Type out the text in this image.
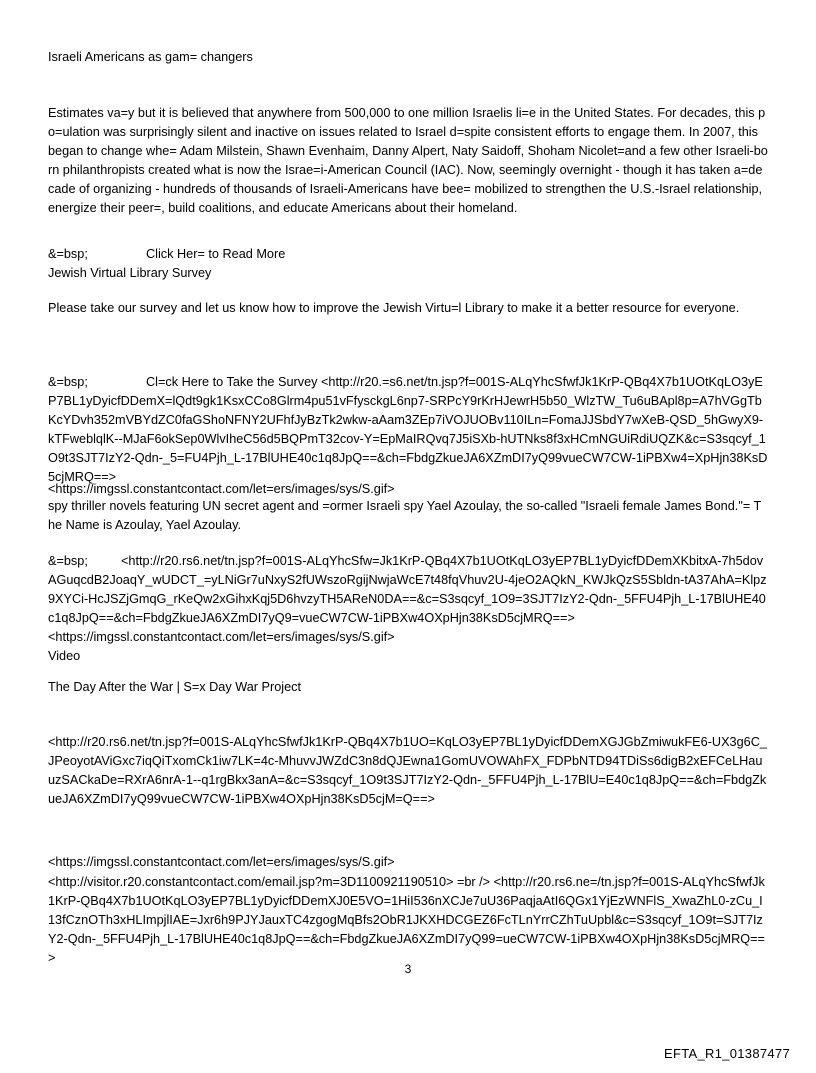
Israeli Americans as gam= changers

Estimates va=y but it is believed that anywhere from 500,000 to one million Israelis li=e in the United States. For decades, this po=ulation was surprisingly silent and inactive on issues related to Israel d=spite consistent efforts to engage them. In 2007, this began to change whe= Adam Milstein, Shawn Evenhaim, Danny Alpert, Naty Saidoff, Shoham Nicolet=and a few other Israeli-born philanthropists created what is now the Israe=i-American Council (IAC). Now, seemingly overnight - though it has taken a=decade of organizing - hundreds of thousands of Israeli-Americans have bee= mobilized to strengthen the U.S.-Israel relationship, energize their peer=, build coalitions, and educate Americans about their homeland.

&=bsp;	Click Her= to Read More

Jewish Virtual Library Survey

Please take our survey and let us know how to improve the Jewish Virtu=l Library to make it a better resource for everyone.

&=bsp;	Cl=ck Here to Take the Survey <http://r20.=s6.net/tn.jsp?f=001S-ALqYhcSfwfJk1KrP-QBq4X7b1UOtKqLO3yEP7BL1yDyicfDDemX=lQdt9gk1KsxCCo8Glrm4pu51vFfysckgL6np7-SRPcY9rKrHJewrH5b50_WlzTW_Tu6uBApl8p=A7hVGgTbKcYDvh352mVBYdZC0faGShoNFNY2UFhfJyBzTk2wkw-aAam3ZEp7iVOJUOBv110ILn=FomaJJSbdY7wXeB-QSD_5hGwyX9-kTFweblqlK--MJaF6okSep0WlvIheC56d5BQPmT32cov-Y=EpMaIRQvq7J5iSXb-hUTNks8f3xHCmNGUiRdiUQZK&c=S3sqcyf_1O9t3SJT7IzY2-Qdn-_5=FU4Pjh_L-17BlUHE40c1q8JpQ==&ch=FbdgZkueJA6XZmDI7yQ99vueCW7CW-1iPBXw4=XpHjn38KsD5cjMRQ==>

<https://imgssl.constantcontact.com/let=ers/images/sys/S.gif>

spy thriller novels featuring UN secret agent and =ormer Israeli spy Yael Azoulay, the so-called "Israeli female James Bond."= The Name is Azoulay, Yael Azoulay.

&=bsp;	<http://r20.rs6.net/tn.jsp?f=001S-ALqYhcSfw=Jk1KrP-QBq4X7b1UOtKqLO3yEP7BL1yDyicfDDemXKbitxA-7h5dovAGuqcdB2JoaqY_wUDCT_=yLNiGr7uNxyS2fUWszoRgijNwjaWcE7t48fqVhuv2U-4jeO2AQkN_KWJkQzS5Sbldn-tA37AhA=Klpz9XYCi-HcJSZjGmqG_rKeQw2xGihxKqj5D6hvzyTH5AReN0DA==&c=S3sqcyf_1O9=3SJT7IzY2-Qdn-_5FFU4Pjh_L-17BlUHE40c1q8JpQ==&ch=FbdgZkueJA6XZmDI7yQ9=vueCW7CW-1iPBXw4OXpHjn38KsD5cjMRQ==>

<https://imgssl.constantcontact.com/let=ers/images/sys/S.gif>

Video

The Day After the War | S=x Day War Project

<http://r20.rs6.net/tn.jsp?f=001S-ALqYhcSfwfJk1KrP-QBq4X7b1UO=KqLO3yEP7BL1yDyicfDDemXGJGbZmiwukFE6-UX3g6C_JPeoyotAViGxc7iqQiTxomCk1iw7LK=4c-MhuvvJWZdC3n8dQJEwna1GomUVOWAhFX_FDPbNTD94TDiSs6digB2xEFCeLHauuzSACkaDe=RXrA6nrA-1--q1rgBkx3anA=&c=S3sqcyf_1O9t3SJT7IzY2-Qdn-_5FFU4Pjh_L-17BlU=E40c1q8JpQ==&ch=FbdgZkueJA6XZmDI7yQ99vueCW7CW-1iPBXw4OXpHjn38KsD5cjM=Q==>

<https://imgssl.constantcontact.com/let=ers/images/sys/S.gif>

<http://visitor.r20.constantcontact.com/email.jsp?m=3D1100921190510> =br /> <http://r20.rs6.ne=/tn.jsp?f=001S-ALqYhcSfwfJk1KrP-QBq4X7b1UOtKqLO3yEP7BL1yDyicfDDemXJ0E5VO=1HiI536nXCJe7uU36PaqjaAtI6QGx1YjEzWNFlS_XwaZhL0-zCu_I13fCznOTh3xHLImpjlIAE=Jxr6h9PJYJauxTC4zgogMqBfs2ObR1JKXHDCGEZ6FcTLnYrrCZhTuUpbl&c=S3sqcyf_1O9t=SJT7IzY2-Qdn-_5FFU4Pjh_L-17BlUHE40c1q8JpQ==&ch=FbdgZkueJA6XZmDI7yQ99=ueCW7CW-1iPBXw4OXpHjn38KsD5cjMRQ==>

3
EFTA_R1_01387477
